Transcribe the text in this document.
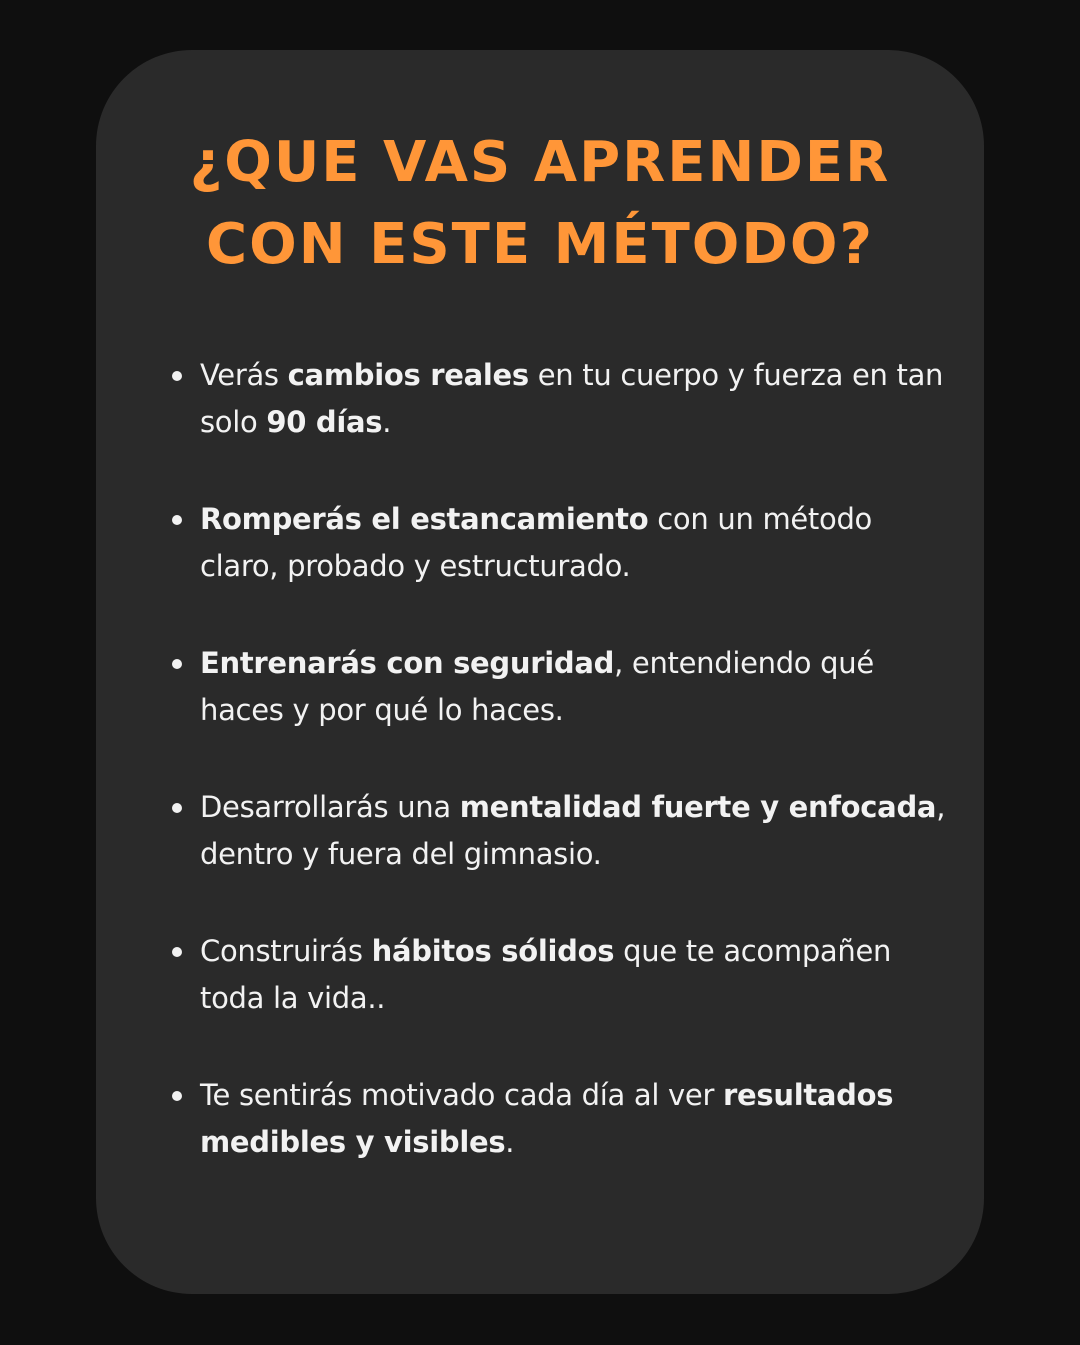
¿QUE VAS APRENDER
CON ESTE MÉTODO?
Verás cambios reales en tu cuerpo y fuerza en tan solo 90 días.
Romperás el estancamiento con un método claro, probado y estructurado.
Entrenarás con seguridad, entendiendo qué haces y por qué lo haces.
Desarrollarás una mentalidad fuerte y enfocada, dentro y fuera del gimnasio.
Construirás hábitos sólidos que te acompañen toda la vida..
Te sentirás motivado cada día al ver resultados medibles y visibles.
